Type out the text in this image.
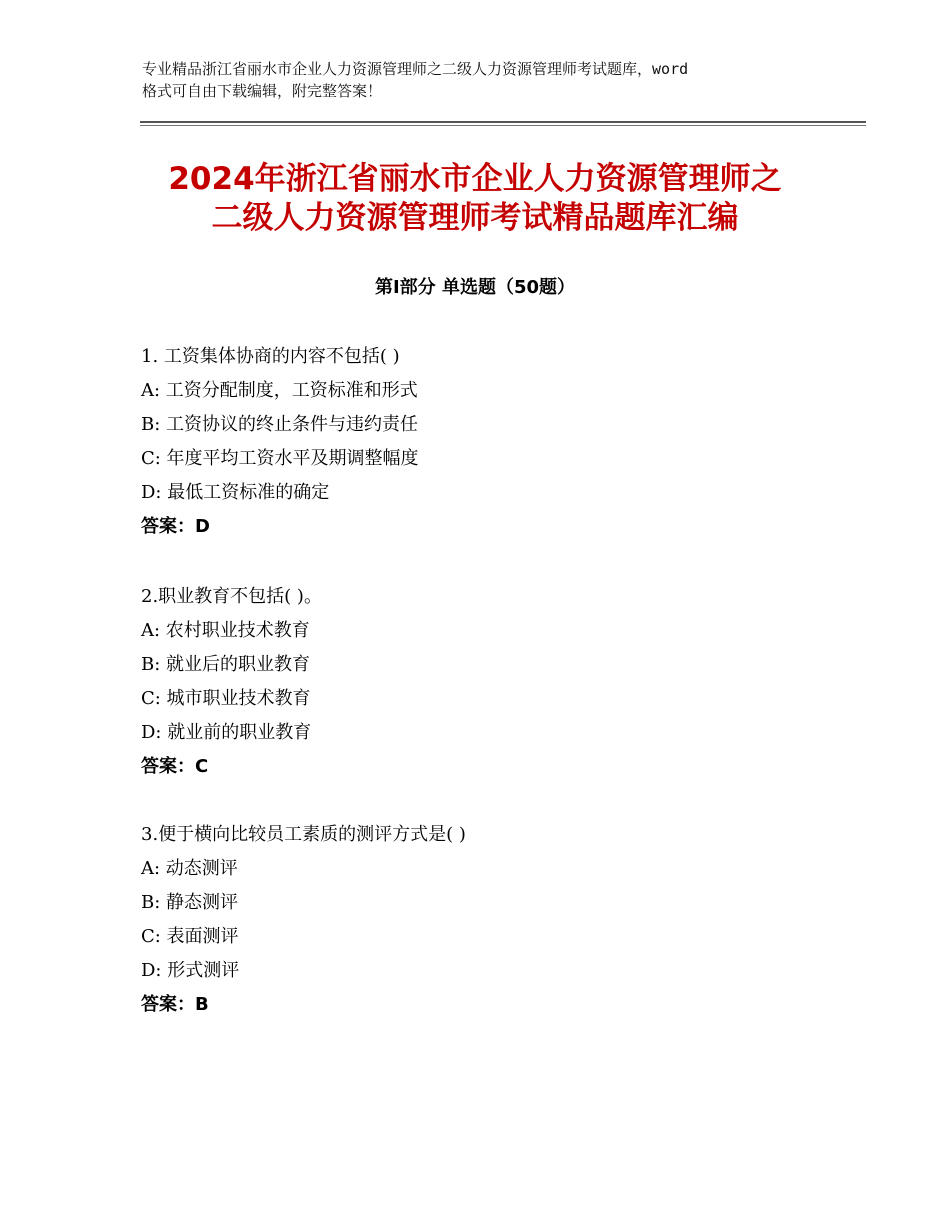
专业精品浙江省丽水市企业人力资源管理师之二级人力资源管理师考试题库，word

格式可自由下载编辑，附完整答案！

2024年浙江省丽水市企业人力资源管理师之
二级人力资源管理师考试精品题库汇编
第Ⅰ部分 单选题（50题）

1. 工资集体协商的内容不包括( )

A: 工资分配制度，工资标准和形式

B: 工资协议的终止条件与违约责任

C: 年度平均工资水平及期调整幅度

D: 最低工资标准的确定

答案：D

2.职业教育不包括( )。

A: 农村职业技术教育

B: 就业后的职业教育

C: 城市职业技术教育

D: 就业前的职业教育

答案：C

3.便于横向比较员工素质的测评方式是( )

A: 动态测评

B: 静态测评

C: 表面测评

D: 形式测评

答案：B
